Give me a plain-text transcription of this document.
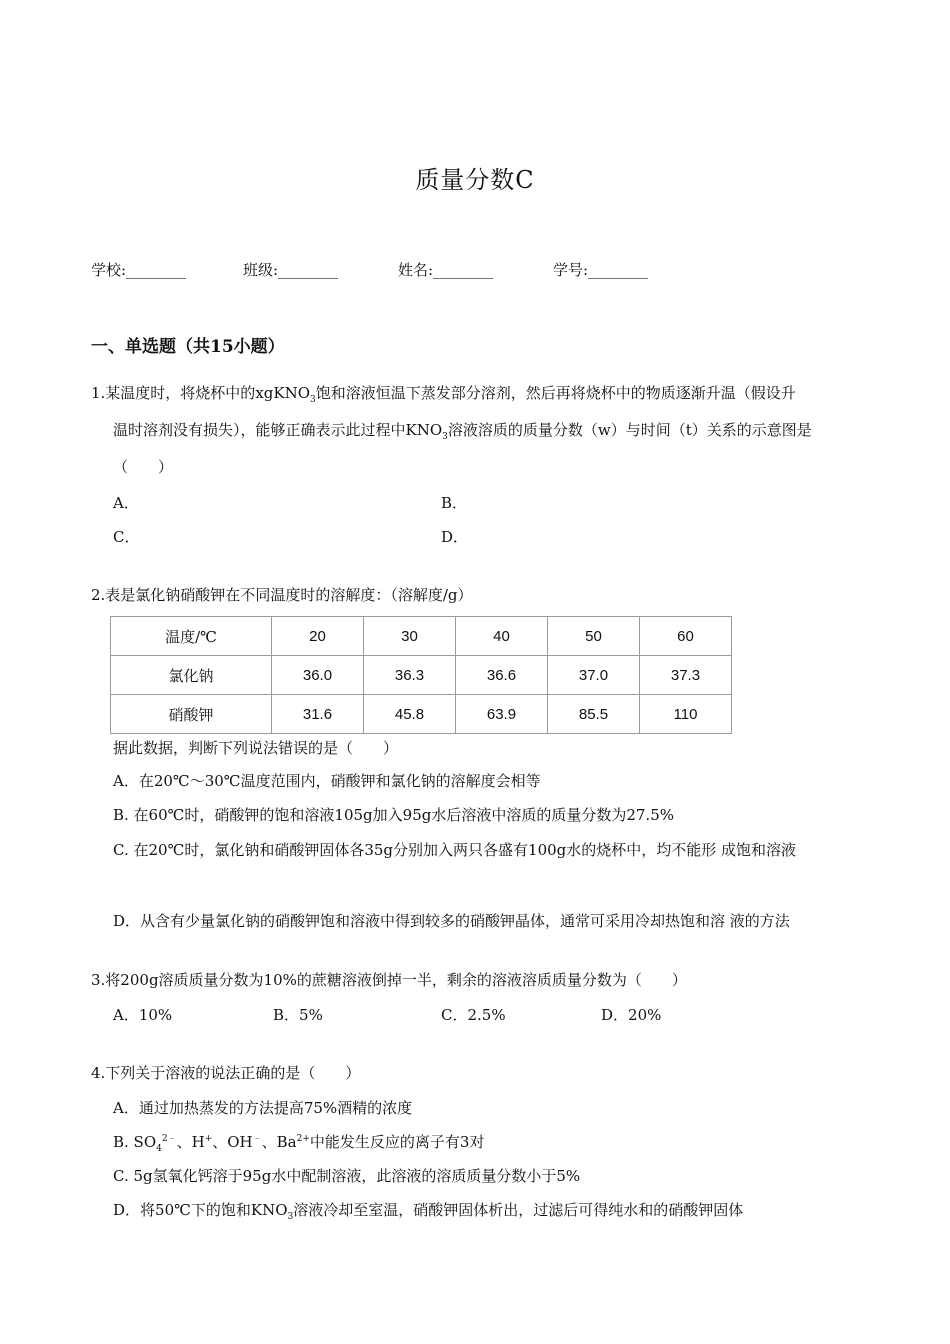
质量分数C
学校:________	班级:________	姓名:________	学号:________
一、单选题（共15小题）
1.某温度时，将烧杯中的xgKNO$_3$饱和溶液恒温下蒸发部分溶剂，然后再将烧杯中的物质逐渐升温（假设升
温时溶剂没有损失），能够正确表示此过程中$KNO_3$溶液溶质的质量分数（w）与时间（t）关系的示意图是
（　　）
A．	B．
C．	D．
2.表是氯化钠硝酸钾在不同温度时的溶解度：（溶解度/g）
温度/℃	20	30	40	50	60
氯化钠	36.0	36.3	36.6	37.0	37.3
硝酸钾	31.6	45.8	63.9	85.5	110
据此数据，判断下列说法错误的是（　　）
A．在20℃～30℃温度范围内，硝酸钾和氯化钠的溶解度会相等
B. 在60℃时，硝酸钾的饱和溶液105g加入95g水后溶液中溶质的质量分数为27.5%
C. 在20℃时，氯化钠和硝酸钾固体各35g分别加入两只各盛有100g水的烧杯中，均不能形 成饱和溶液
D．从含有少量氯化钠的硝酸钾饱和溶液中得到较多的硝酸钾晶体，通常可采用冷却热饱和溶 液的方法
3.将200g溶质质量分数为10%的蔗糖溶液倒掉一半，剩余的溶液溶质质量分数为（　　）
A．10%	B．5%	C．2.5%	D．20%
4.下列关于溶液的说法正确的是（　　）
A．通过加热蒸发的方法提高75%酒精的浓度
B. $SO_4^{2﹣}$、H+、OH﹣、$Ba^{2+}$中能发生反应的离子有3对
C. 5g氢氧化钙溶于95g水中配制溶液，此溶液的溶质质量分数小于5%
D．将50℃下的饱和$KNO_3$溶液冷却至室温，硝酸钾固体析出，过滤后可得纯水和的硝酸钾固体
